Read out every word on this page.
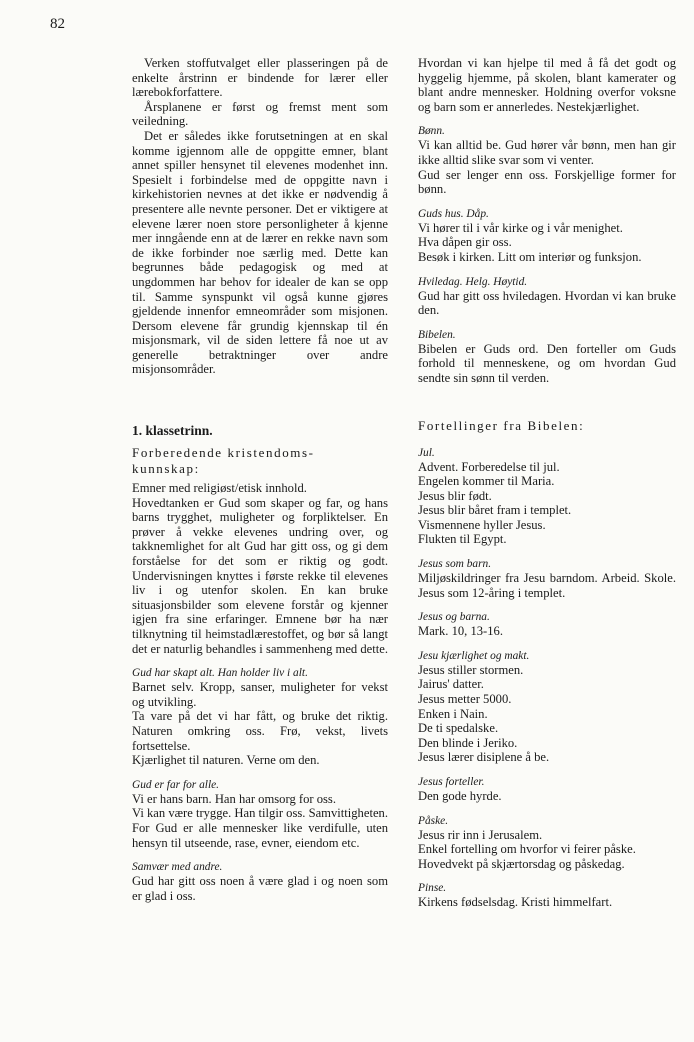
82

Verken stoffutvalget eller plasseringen på de enkelte årstrinn er bindende for lærer eller lærebokforfattere.

Årsplanene er først og fremst ment som veiledning.

Det er således ikke forutsetningen at en skal komme igjennom alle de oppgitte emner, blant annet spiller hensynet til elevenes modenhet inn. Spesielt i forbindelse med de oppgitte navn i kirkehistorien nevnes at det ikke er nødvendig å presentere alle nevnte personer. Det er viktigere at elevene lærer noen store personligheter å kjenne mer inngående enn at de lærer en rekke navn som de ikke forbinder noe særlig med. Dette kan begrunnes både pedagogisk og med at ungdommen har behov for idealer de kan se opp til. Samme synspunkt vil også kunne gjøres gjeldende innenfor emneområder som misjonen. Dersom elevene får grundig kjennskap til én misjonsmark, vil de siden lettere få noe ut av generelle betraktninger over andre misjonsområder.

1. klassetrinn.
Forberedende kristendoms-kunnskap:

Emner med religiøst/etisk innhold.

Hovedtanken er Gud som skaper og far, og hans barns trygghet, muligheter og forpliktelser. En prøver å vekke elevenes undring over, og takknemlighet for alt Gud har gitt oss, og gi dem forståelse for det som er riktig og godt. Undervisningen knyttes i første rekke til elevenes liv i og utenfor skolen. En kan bruke situasjonsbilder som elevene forstår og kjenner igjen fra sine erfaringer. Emnene bør ha nær tilknytning til heimstadlærestoffet, og bør så langt det er naturlig behandles i sammenheng med dette.

Gud har skapt alt. Han holder liv i alt.

Barnet selv. Kropp, sanser, muligheter for vekst og utvikling.

Ta vare på det vi har fått, og bruke det riktig. Naturen omkring oss. Frø, vekst, livets fortsettelse.

Kjærlighet til naturen. Verne om den.

Gud er far for alle.

Vi er hans barn. Han har omsorg for oss.

Vi kan være trygge. Han tilgir oss. Samvittigheten.

For Gud er alle mennesker like verdifulle, uten hensyn til utseende, rase, evner, eiendom etc.

Samvær med andre.

Gud har gitt oss noen å være glad i og noen som er glad i oss.

Hvordan vi kan hjelpe til med å få det godt og hyggelig hjemme, på skolen, blant kamerater og blant andre mennesker. Holdning overfor voksne og barn som er annerledes. Nestekjærlighet.

Bønn.

Vi kan alltid be. Gud hører vår bønn, men han gir ikke alltid slike svar som vi venter.

Gud ser lenger enn oss. Forskjellige former for bønn.

Guds hus. Dåp.

Vi hører til i vår kirke og i vår menighet.

Hva dåpen gir oss.

Besøk i kirken. Litt om interiør og funksjon.

Hviledag. Helg. Høytid.

Gud har gitt oss hviledagen. Hvordan vi kan bruke den.

Bibelen.

Bibelen er Guds ord. Den forteller om Guds forhold til menneskene, og om hvordan Gud sendte sin sønn til verden.

Fortellinger fra Bibelen:
Jul.

Advent. Forberedelse til jul.

Engelen kommer til Maria.

Jesus blir født.

Jesus blir båret fram i templet.

Vismennene hyller Jesus.

Flukten til Egypt.

Jesus som barn.

Miljøskildringer fra Jesu barndom. Arbeid. Skole. Jesus som 12-åring i templet.

Jesus og barna.

Mark. 10, 13-16.

Jesu kjærlighet og makt.

Jesus stiller stormen.

Jairus' datter.

Jesus metter 5000.

Enken i Nain.

De ti spedalske.

Den blinde i Jeriko.

Jesus lærer disiplene å be.

Jesus forteller.

Den gode hyrde.

Påske.

Jesus rir inn i Jerusalem.

Enkel fortelling om hvorfor vi feirer påske.

Hovedvekt på skjærtorsdag og påskedag.

Pinse.

Kirkens fødselsdag. Kristi himmelfart.
